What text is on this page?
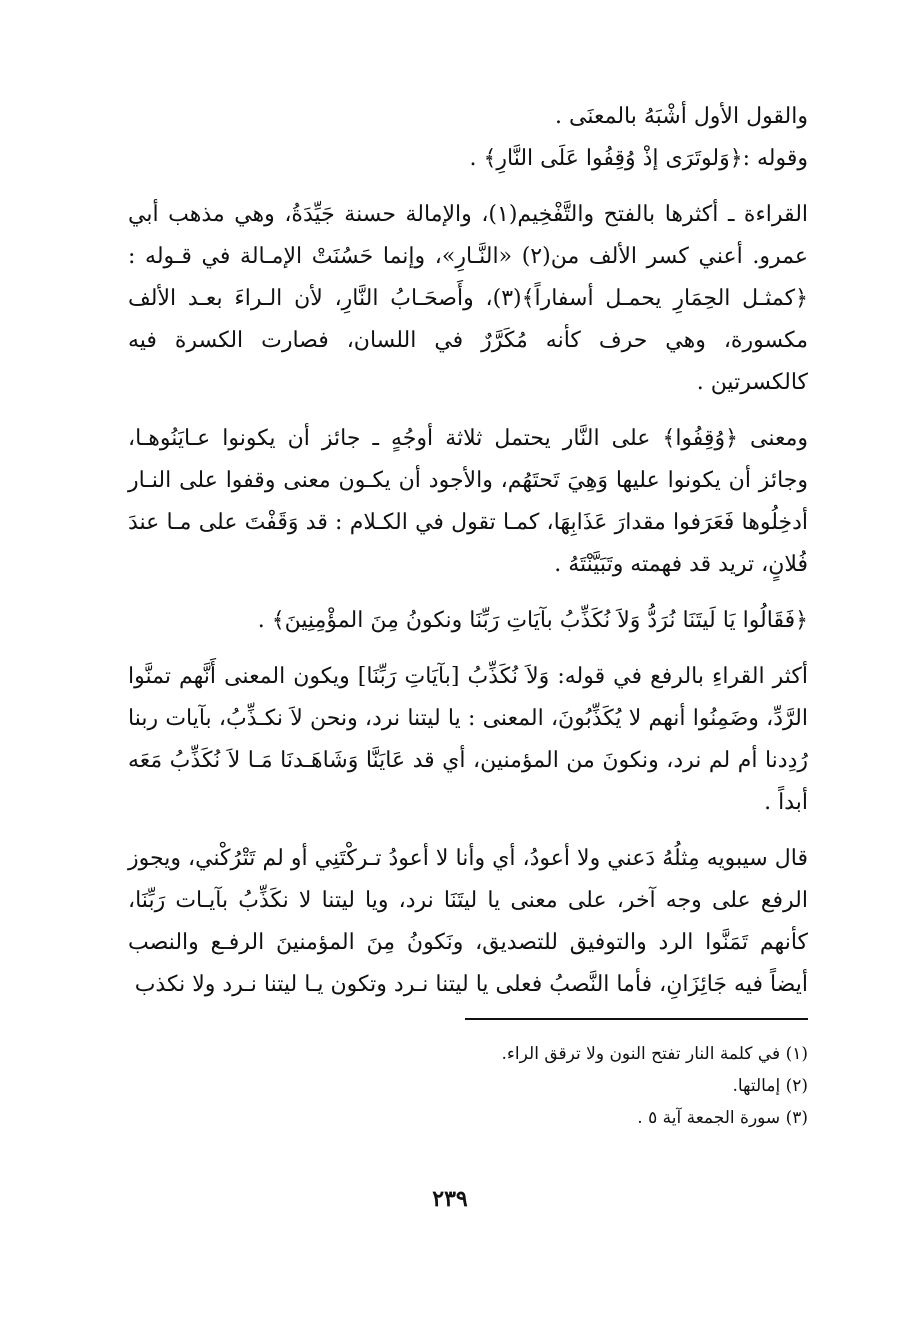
والقول الأول أشْبَهُ بالمعنَى .

وقوله :﴿وَلوتَرَى إذْ وُقِفُوا عَلَى النَّارِ﴾ .

القراءة ـ أكثرها بالفتح والتَّفْخِيم(١)، والإمالة حسنة جَيِّدَةُ، وهي مذهب أبي عمرو. أعني كسر الألف من(٢) «النَّـارِ»، وإنما حَسُنَتْ الإمـالة في قـوله : ﴿كمثـل الحِمَارِ يحمـل أسفاراً﴾(٣)، وأَصحَـابُ النَّارِ، لأن الـراءَ بعـد الألف مكسورة، وهي حرف كأنه مُكَرَّرٌ في اللسان، فصارت الكسرة فيه كالكسرتين .

ومعنى ﴿وُقِفُوا﴾ على النَّار يحتمل ثلاثة أوجُهٍ ـ جائز أن يكونوا عـايَنُوهـا، وجائز أن يكونوا عليها وَهِيَ تَحتَهُم، والأجود أن يكـون معنى وقفوا على النـار أدخِلُوها فَعَرَفوا مقدارَ عَذَابِهَا، كمـا تقول في الكـلام : قد وَقَفْتَ على مـا عندَ فُلانٍ، تريد قد فهمته وتَبَيَّنْتَهُ .

﴿فَقَالُوا يَا لَيتَنَا نُرَدُّ وَلاَ نُكَذِّبُ بآيَاتِ رَبِّنَا ونكونُ مِنَ المؤْمِنِينَ﴾ .

أكثر القراءِ بالرفع في قوله: وَلاَ نُكَذِّبُ [بآيَاتِ رَبِّنَا] ويكون المعنى أَنَّهم تمنَّوا الرَّدِّ، وضَمِنُوا أنهم لا يُكَذِّبُونَ، المعنى : يا ليتنا نرد، ونحن لاَ نكـذِّبُ، بآيات ربنا رُدِدنا أم لم نرد، ونكونَ من المؤمنين، أي قد عَايَنَّا وَشَاهَـدنَا مَـا لاَ نُكَذِّبُ مَعَه أبداً .

قال سيبويه مِثلُهُ دَعني ولا أعودُ، أي وأنا لا أعودُ تـركْتَنِي أو لم تَتْرُكْني، ويجوز الرفع على وجه آخر، على معنى يا ليتَنَا نرد، ويا ليتنا لا نكَذِّبُ بآيـات رَبِّنَا، كأنهم تَمَنَّوا الرد والتوفيق للتصديق، ونَكونُ مِنَ المؤمنينَ الرفـع والنصب أيضاً فيه جَائِزَانِ، فأما النَّصبُ فعلى يا ليتنا نـرد وتكون يـا ليتنا نـرد ولا نكذب

(١) في كلمة النار تفتح النون ولا ترقق الراء.
(٢) إمالتها.
(٣) سورة الجمعة آية ٥ .
٢٣٩
